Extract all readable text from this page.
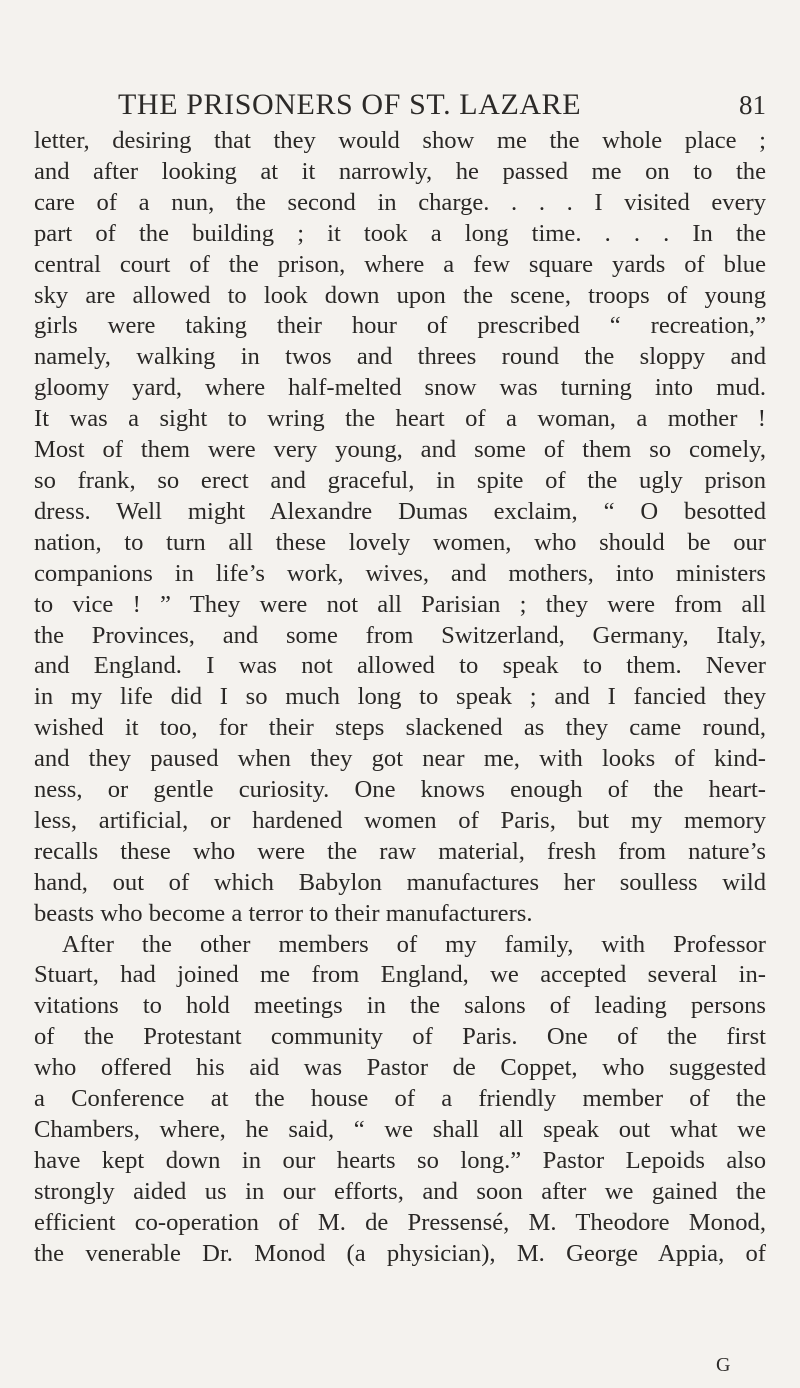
THE PRISONERS OF ST. LAZARE	81
letter, desiring that they would show me the whole place ;
and after looking at it narrowly, he passed me on to the
care of a nun, the second in charge. . . . I visited every
part of the building ; it took a long time. . . . In the
central court of the prison, where a few square yards of blue
sky are allowed to look down upon the scene, troops of young
girls were taking their hour of prescribed “ recreation,”
namely, walking in twos and threes round the sloppy and
gloomy yard, where half-melted snow was turning into mud.
It was a sight to wring the heart of a woman, a mother !
Most of them were very young, and some of them so comely,
so frank, so erect and graceful, in spite of the ugly prison
dress. Well might Alexandre Dumas exclaim, “ O besotted
nation, to turn all these lovely women, who should be our
companions in life’s work, wives, and mothers, into ministers
to vice ! ” They were not all Parisian ; they were from all
the Provinces, and some from Switzerland, Germany, Italy,
and England. I was not allowed to speak to them. Never
in my life did I so much long to speak ; and I fancied they
wished it too, for their steps slackened as they came round,
and they paused when they got near me, with looks of kind-
ness, or gentle curiosity. One knows enough of the heart-
less, artificial, or hardened women of Paris, but my memory
recalls these who were the raw material, fresh from nature’s
hand, out of which Babylon manufactures her soulless wild
beasts who become a terror to their manufacturers.
After the other members of my family, with Professor
Stuart, had joined me from England, we accepted several in-
vitations to hold meetings in the salons of leading persons
of the Protestant community of Paris. One of the first
who offered his aid was Pastor de Coppet, who suggested
a Conference at the house of a friendly member of the
Chambers, where, he said, “ we shall all speak out what we
have kept down in our hearts so long.” Pastor Lepoids also
strongly aided us in our efforts, and soon after we gained the
efficient co-operation of M. de Pressensé, M. Theodore Monod,
the venerable Dr. Monod (a physician), M. George Appia, of
G
